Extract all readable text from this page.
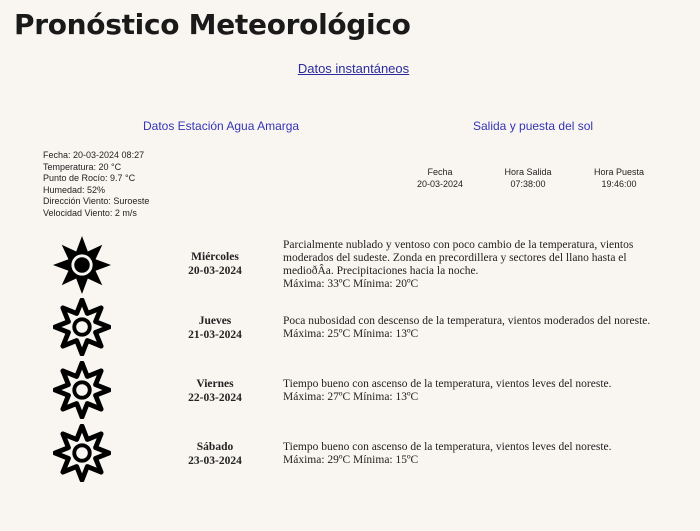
Pronóstico Meteorológico
Datos instantáneos
Datos Estación Agua Amarga	Salida y puesta del sol
Fecha: 20-03-2024 08:27
Temperatura: 20 °C
Punto de Rocío: 9.7 °C
Humedad: 52%
Dirección Viento: Suroeste
Velocidad Viento: 2 m/s
Fecha
20-03-2024
Hora Salida
07:38:00
Hora Puesta
19:46:00
Miércoles
20-03-2024
Parcialmente nublado y ventoso con poco cambio de la temperatura, vientos
moderados del sudeste. Zonda en precordillera y sectores del llano hasta el
medioðÂa. Precipitaciones hacia la noche.
Máxima: 33ºC Mínima: 20ºC
Jueves
21-03-2024
Poca nubosidad con descenso de la temperatura, vientos moderados del noreste.
Máxima: 25ºC Mínima: 13ºC
Viernes
22-03-2024
Tiempo bueno con ascenso de la temperatura, vientos leves del noreste.
Máxima: 27ºC Mínima: 13ºC
Sábado
23-03-2024
Tiempo bueno con ascenso de la temperatura, vientos leves del noreste.
Máxima: 29ºC Mínima: 15ºC
